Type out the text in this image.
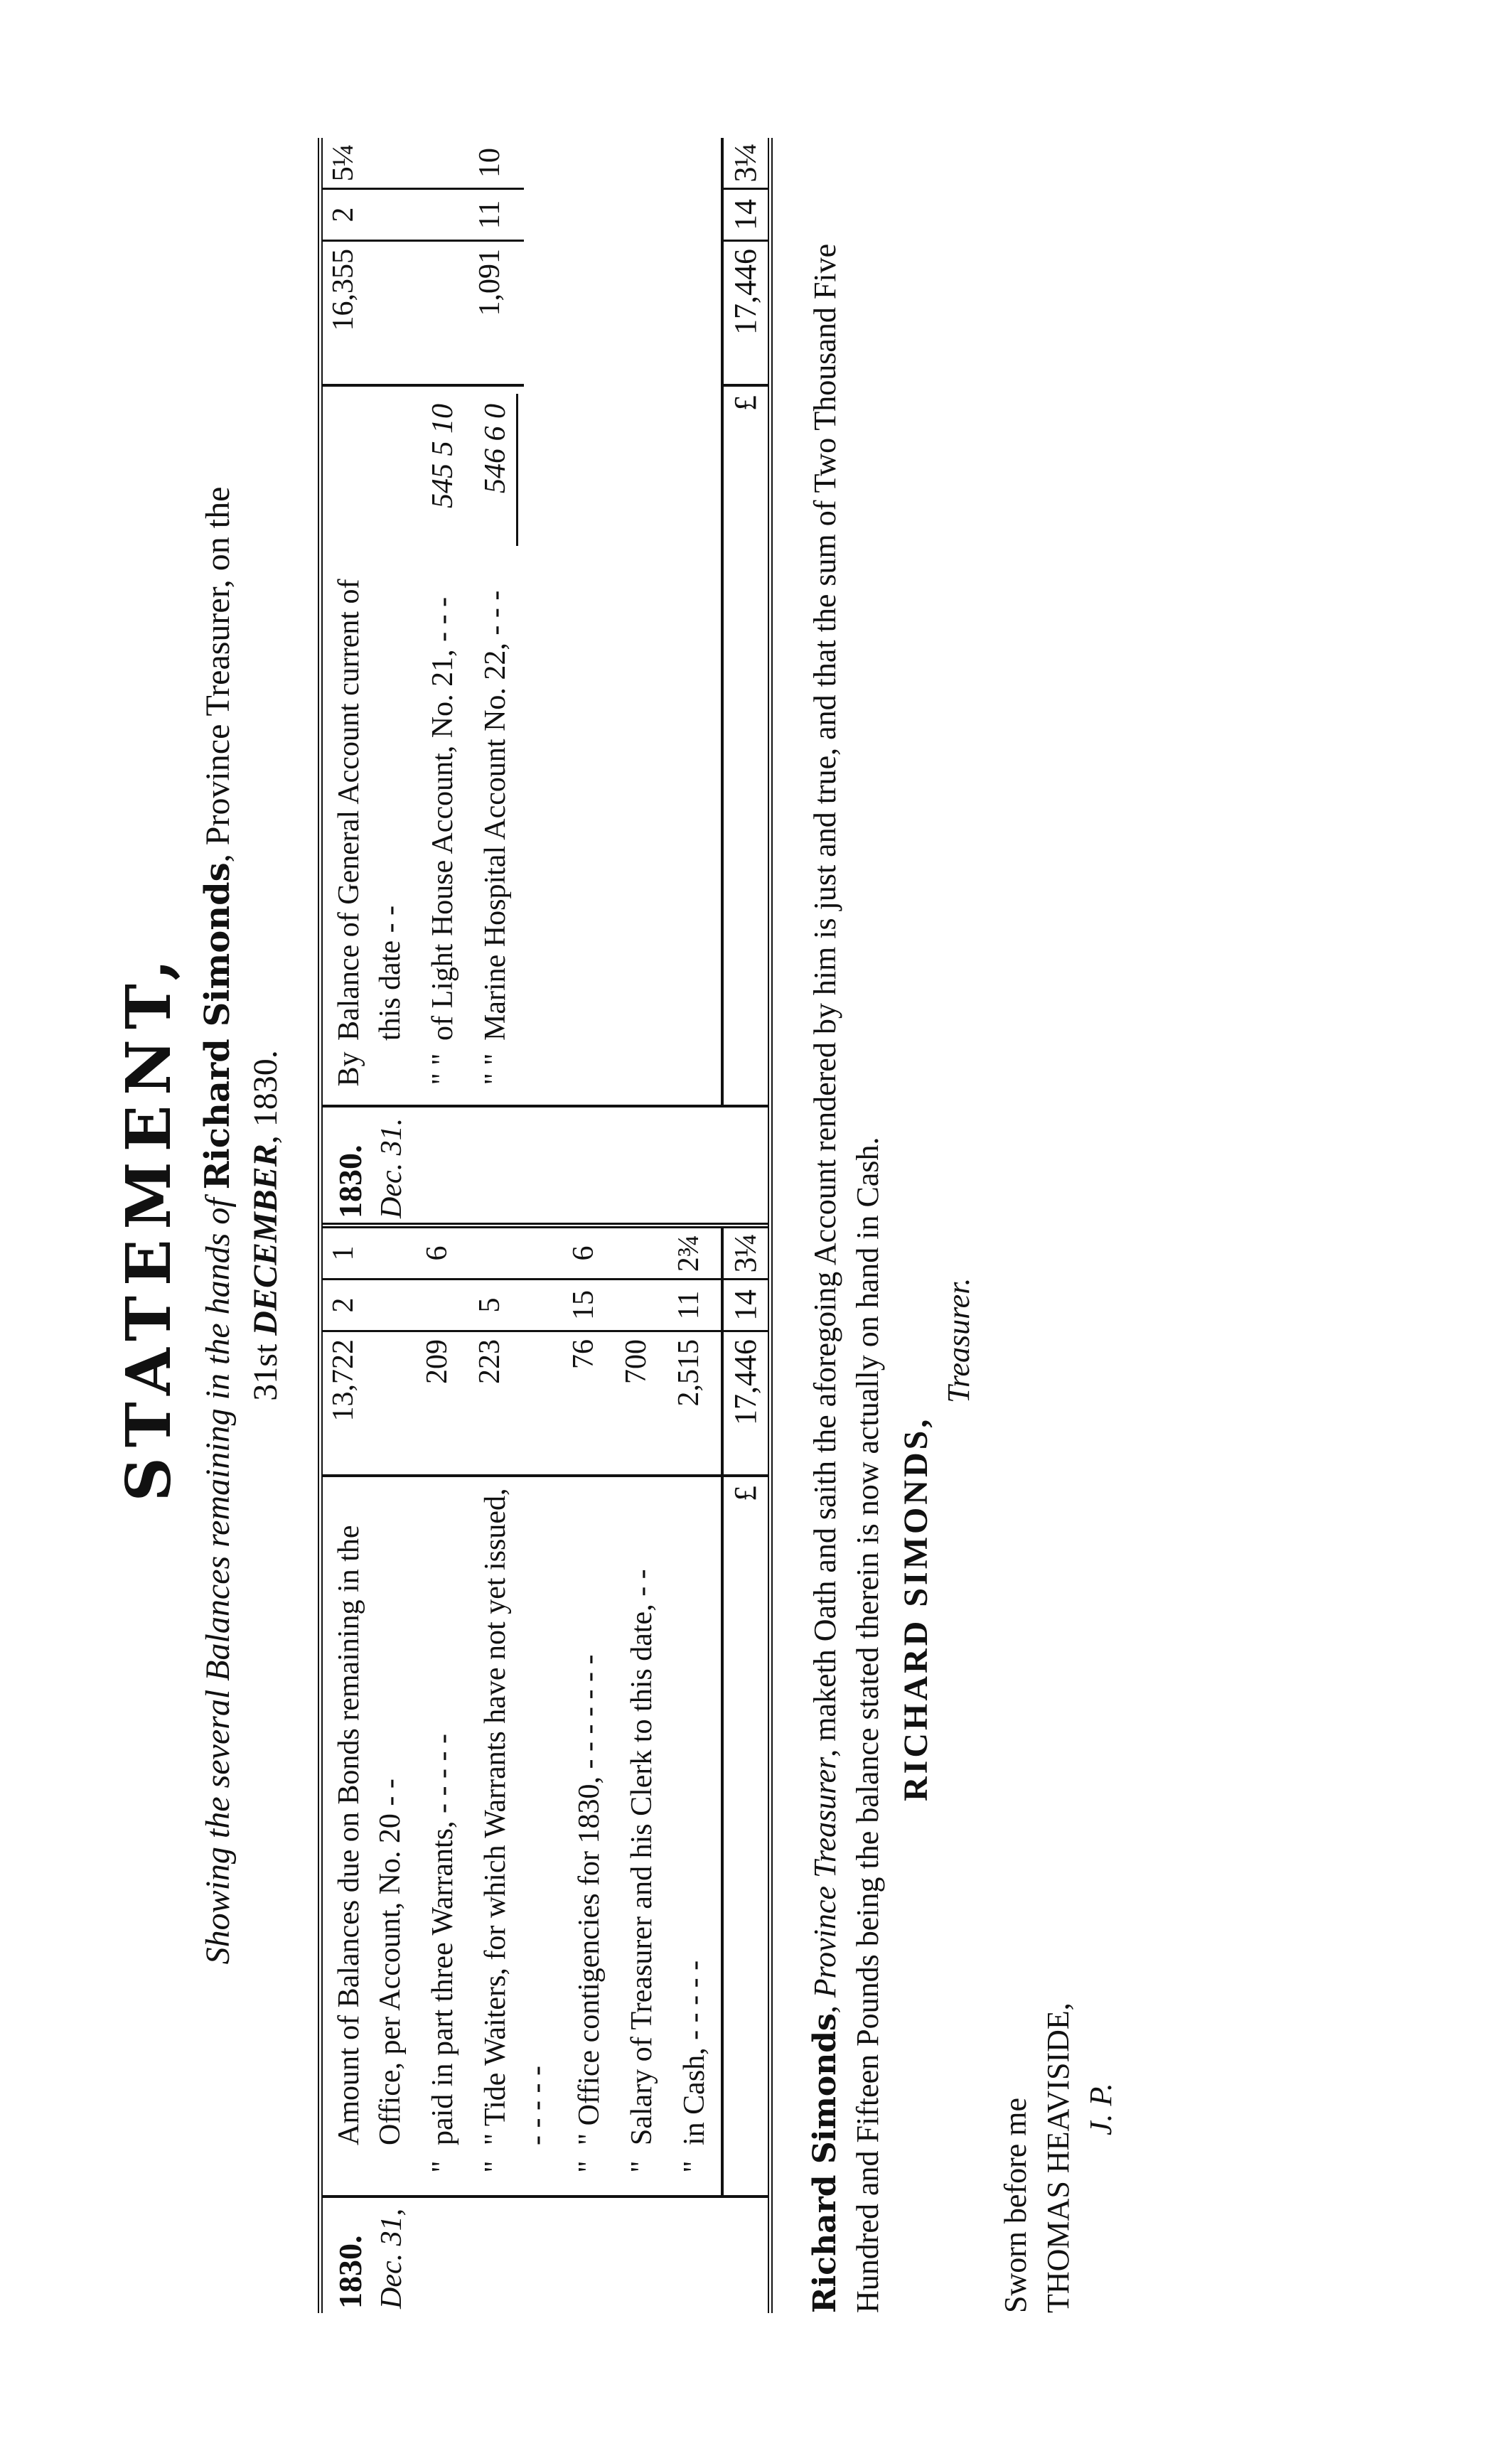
STATEMENT, Showing the several Balances remaining in the hands of Richard Simonds, Province Treasurer, on the
31st DECEMBER, 1830.
1830. Dec. 31,
Amount of Balances due on Bonds remaining in the Office, per Account, No. 20 - -
13,722
2
1
"
paid in part three Warrants, - - - - -
209
6
"
" Tide Waiters, for which Warrants have not yet issued, - - - - -
223
5
"
" Office contigencies for 1830, - - - - - - -
76
15
6
"
Salary of Treasurer and his Clerk to this date, - -
700
"
in Cash, - - - - -
2,515
11
2¾
£
17,446
14
3¼
1830. Dec. 31.
By
Balance of General Account current of this date - -
16,355
2
5¼
" "
of Light House Account, No. 21, - - -
545 5 10
" "
Marine Hospital Account No. 22, - - -
546 6 0
1,091
11
10
£
17,446
14
3¼
Richard Simonds, Province Treasurer, maketh Oath and saith the aforegoing Account rendered by him is just and true, and that the sum of Two Thousand Five Hundred and Fifteen Pounds being the balance stated therein is now actually on hand in Cash. RICHARD SIMONDS,
Treasurer.
Sworn before me THOMAS HEAVISIDE, J. P.
